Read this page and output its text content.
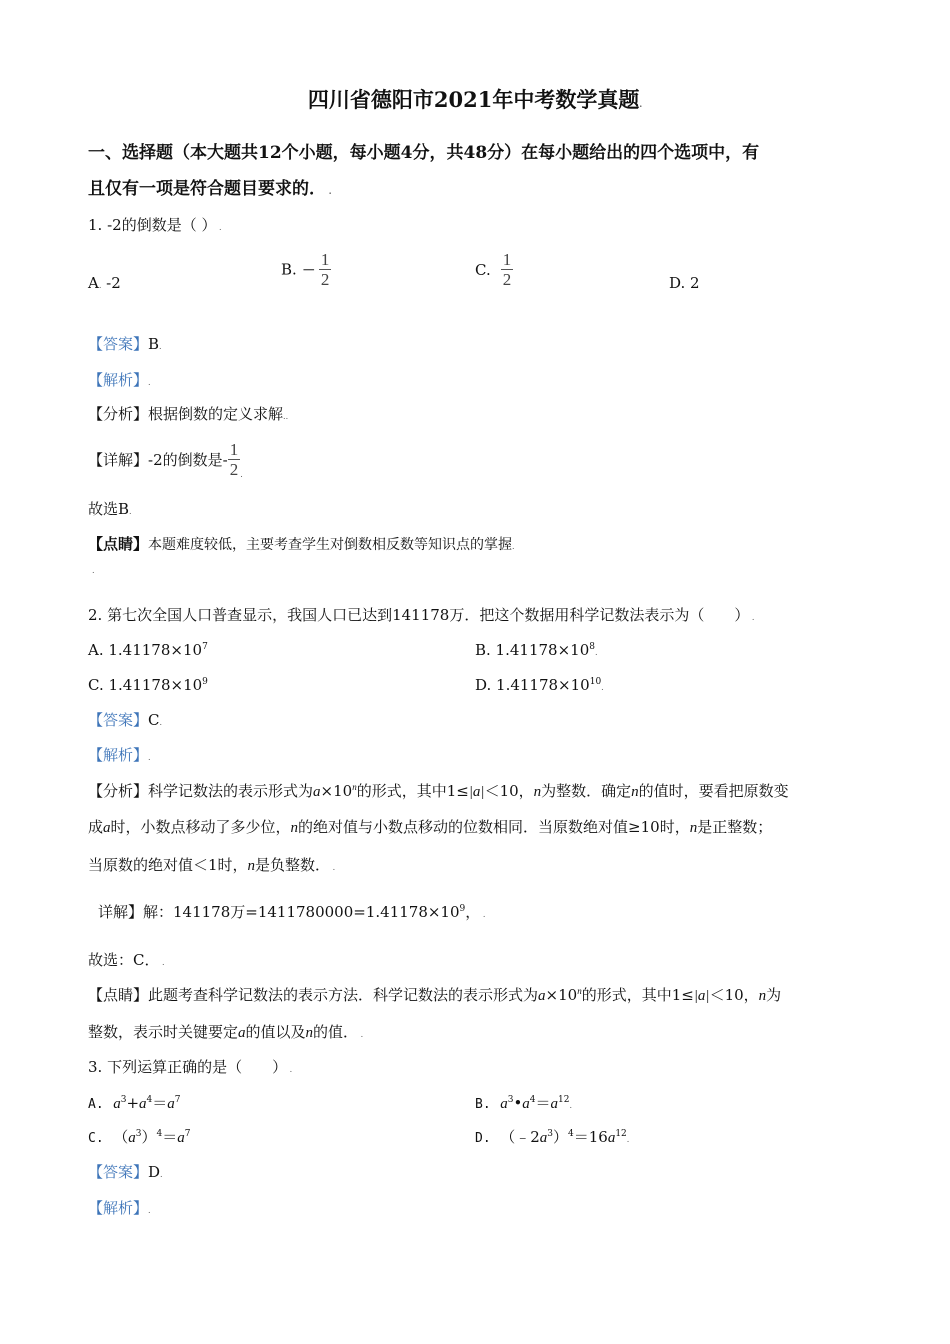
四川省德阳市2021年中考数学真题.
一、选择题（本大题共12个小题，每小题4分，共48分）在每小题给出的四个选项中，有
且仅有一项是符合题目要求的． .
1. -2的倒数是（ ） .
A. -2
B. − $\frac{1}{2}$	C. $\frac{1}{2}$	D. 2
【答案】B.
【解析】.
【分析】根据倒数的定义求解..
【详解】-2的倒数是- $\frac{1}{2}$ .
故选B.
【点睛】本题难度较低，主要考查学生对倒数相反数等知识点的掌握.
.
2. 第七次全国人口普查显示，我国人口已达到141178万．把这个数据用科学记数法表示为（　　） .
A. $1.41178\times 10^7$	B. $1.41178\times 10^8$.
C. $1.41178\times 10^9$	D. $1.41178\times 10^{10}$.
【答案】C.
【解析】.
【分析】科学记数法的表示形式为$a\times 10^n$的形式，其中1≤|a|＜10，n为整数．确定n的值时，要看把原数变
成a时，小数点移动了多少位，n的绝对值与小数点移动的位数相同．当原数绝对值≥10时，n是正整数；
当原数的绝对值＜1时，n是负整数． .
详解】解：141178万$=1411780000=1.41178\times 10^9$， .
故选：C． .
【点睛】此题考查科学记数法的表示方法．科学记数法的表示形式为$a\times 10^n$的形式，其中1≤|a|＜10，n为
整数，表示时关键要定a的值以及n的值． .
3. 下列运算正确的是（　　） .
A. $a^3+a^4=a^7$	B. $a^3•a^4=a^{12}$.
C.  $(a^3)^4=a^7$	D.  $(﹣2a^3)^4=16a^{12}$.
【答案】D.
【解析】.
